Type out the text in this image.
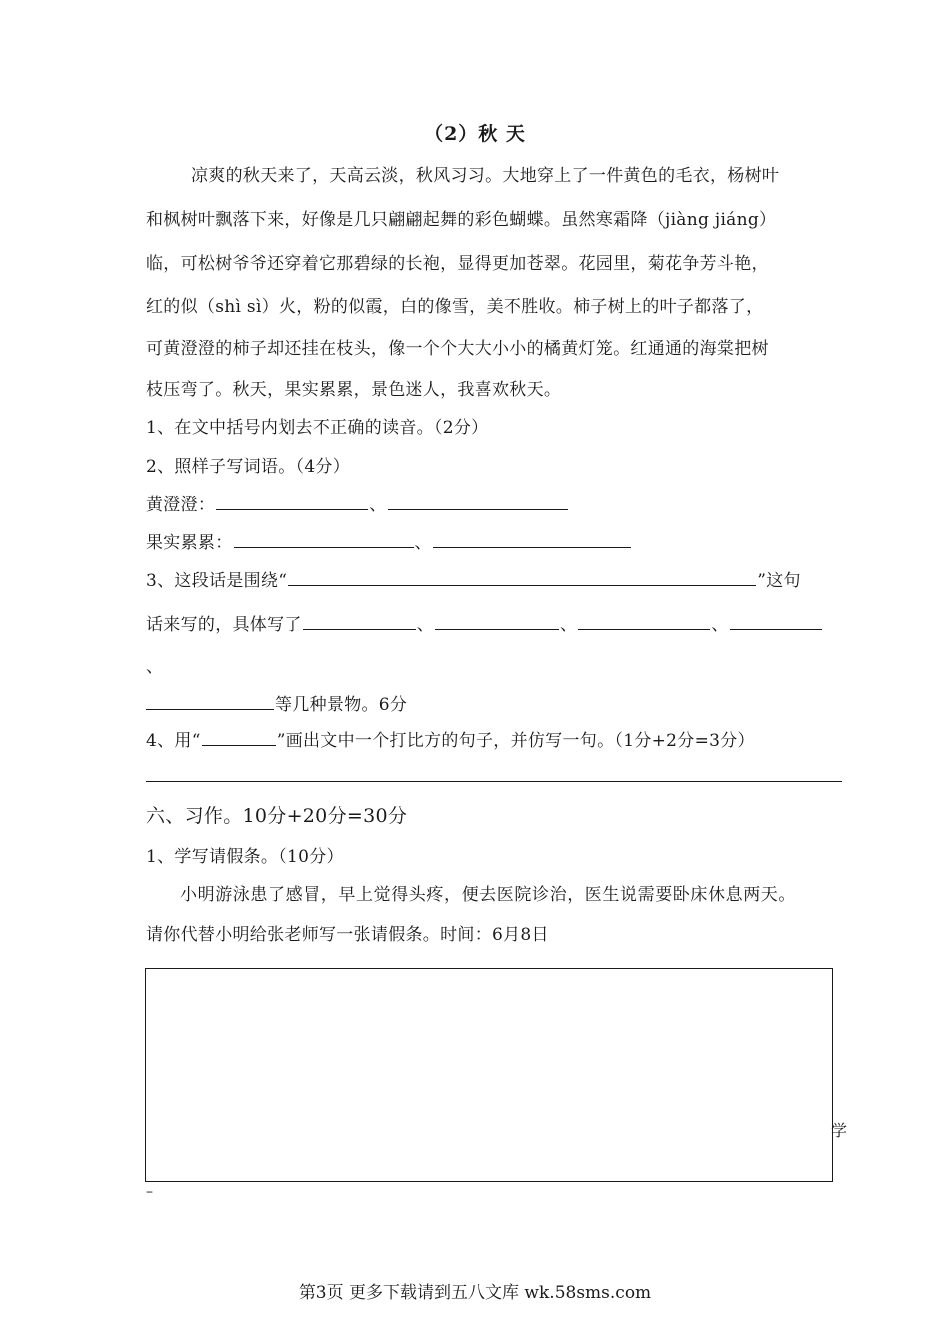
（2）秋 天
凉爽的秋天来了，天高云淡，秋风习习。大地穿上了一件黄色的毛衣，杨树叶
和枫树叶飘落下来，好像是几只翩翩起舞的彩色蝴蝶。虽然寒霜降（jiàng jiáng）
临，可松树爷爷还穿着它那碧绿的长袍，显得更加苍翠。花园里，菊花争芳斗艳，
红的似（shì sì）火，粉的似霞，白的像雪，美不胜收。柿子树上的叶子都落了，
可黄澄澄的柿子却还挂在枝头，像一个个大大小小的橘黄灯笼。红通通的海棠把树
枝压弯了。秋天，果实累累，景色迷人，我喜欢秋天。
1、在文中括号内划去不正确的读音。（2分）
2、照样子写词语。（4分）
黄澄澄：	、
果实累累：	、
3、这段话是围绕“	”这句
话来写的，具体写了	、	、	、
、
等几种景物。6分
4、用“	”画出文中一个打比方的句子，并仿写一句。（1分+2分=3分）
六、习作。10分+20分=30分
1、学写请假条。（10分）
小明游泳患了感冒，早上觉得头疼，便去医院诊治，医生说需要卧床休息两天。
请你代替小明给张老师写一张请假条。时间：6月8日
学
–
第3页 更多下载请到五八文库 wk.58sms.com
